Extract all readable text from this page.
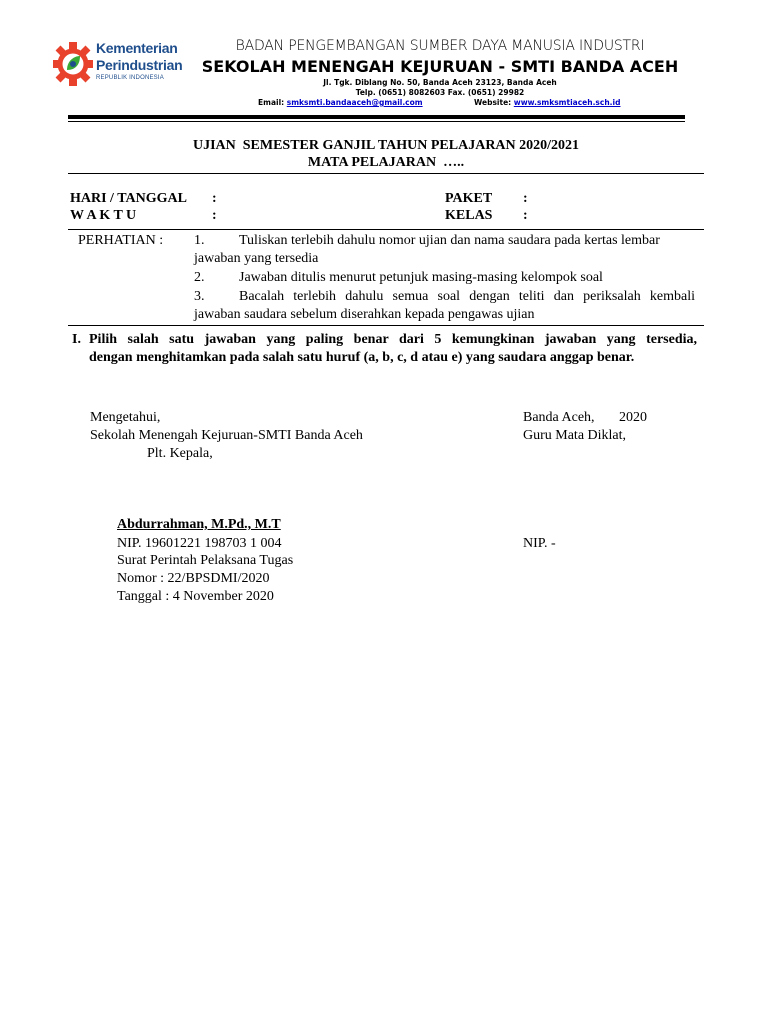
Kementerian
Perindustrian
REPUBLIK INDONESIA
BADAN PENGEMBANGAN SUMBER DAYA MANUSIA INDUSTRI
SEKOLAH MENENGAH KEJURUAN - SMTI BANDA ACEH
Jl. Tgk. Diblang No. 50, Banda Aceh 23123, Banda Aceh
Telp. (0651) 8082603 Fax. (0651) 29982
Email: smksmti.bandaaceh@gmail.com	Website: www.smksmtiaceh.sch.id
UJIAN  SEMESTER GANJIL TAHUN PELAJARAN 2020/2021
MATA PELAJARAN  …..
HARI / TANGGAL :
W A K T U	:
PAKET :
KELAS :
PERHATIAN : 1. Tuliskan terlebih dahulu nomor ujian dan nama saudara pada kertas lembar
jawaban yang tersedia
2. Jawaban ditulis menurut petunjuk masing-masing kelompok soal
3. Bacalah terlebih dahulu semua soal dengan teliti dan periksalah kembali
jawaban saudara sebelum diserahkan kepada pengawas ujian
I. Pilih salah satu jawaban yang paling benar dari 5 kemungkinan jawaban yang tersedia,
dengan menghitamkan pada salah satu huruf (a, b, c, d atau e) yang saudara anggap benar.
Mengetahui,
Sekolah Menengah Kejuruan-SMTI Banda Aceh
Plt. Kepala,
Abdurrahman, M.Pd., M.T
NIP. 19601221 198703 1 004
Surat Perintah Pelaksana Tugas
Nomor : 22/BPSDMI/2020
Tanggal : 4 November 2020
Banda Aceh, 2020
Guru Mata Diklat,
NIP. -
